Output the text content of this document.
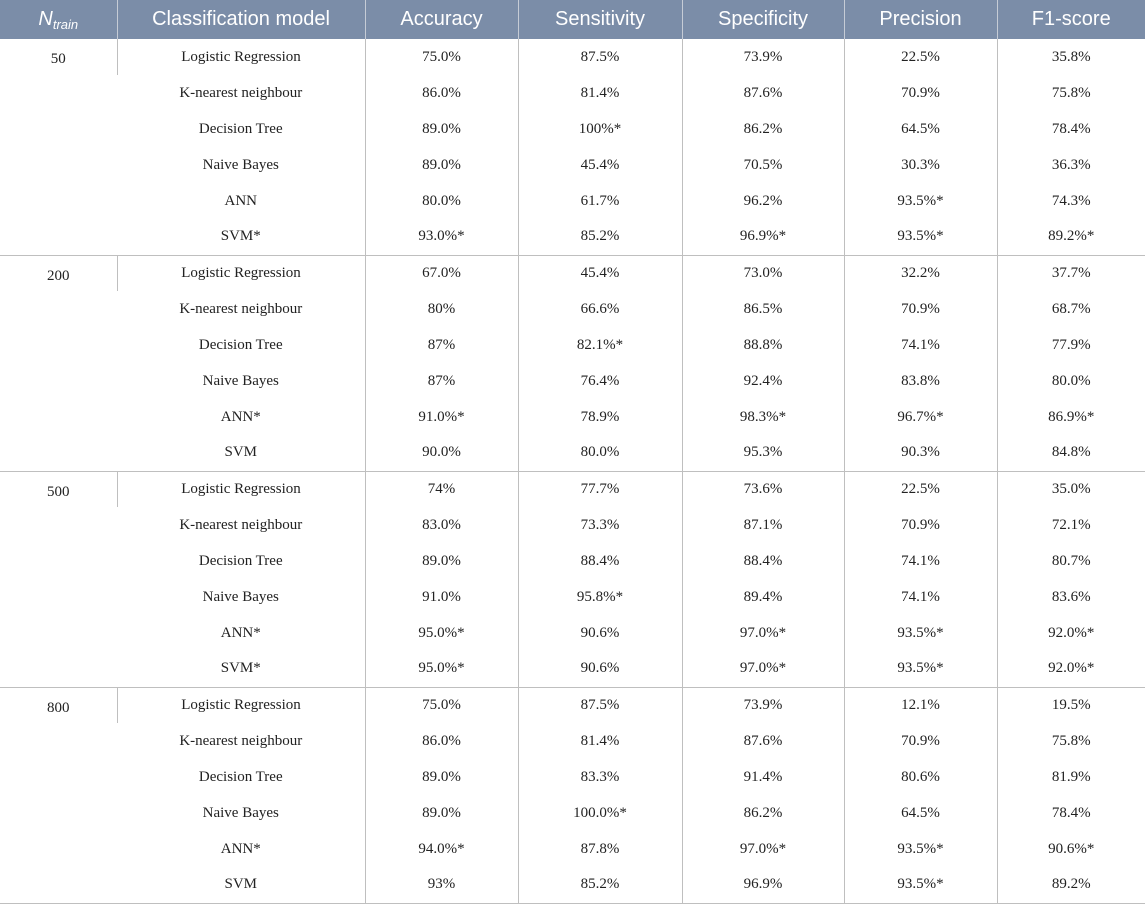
$N_{train}$	Classification model	Accuracy	Sensitivity	Specificity	Precision	F1-score
50	Logistic Regression	75.0%	87.5%	73.9%	22.5%	35.8%
	K-nearest neighbour	86.0%	81.4%	87.6%	70.9%	75.8%
	Decision Tree	89.0%	100%*	86.2%	64.5%	78.4%
	Naive Bayes	89.0%	45.4%	70.5%	30.3%	36.3%
	ANN	80.0%	61.7%	96.2%	93.5%*	74.3%
	SVM*	93.0%*	85.2%	96.9%*	93.5%*	89.2%*
200	Logistic Regression	67.0%	45.4%	73.0%	32.2%	37.7%
	K-nearest neighbour	80%	66.6%	86.5%	70.9%	68.7%
	Decision Tree	87%	82.1%*	88.8%	74.1%	77.9%
	Naive Bayes	87%	76.4%	92.4%	83.8%	80.0%
	ANN*	91.0%*	78.9%	98.3%*	96.7%*	86.9%*
	SVM	90.0%	80.0%	95.3%	90.3%	84.8%
500	Logistic Regression	74%	77.7%	73.6%	22.5%	35.0%
	K-nearest neighbour	83.0%	73.3%	87.1%	70.9%	72.1%
	Decision Tree	89.0%	88.4%	88.4%	74.1%	80.7%
	Naive Bayes	91.0%	95.8%*	89.4%	74.1%	83.6%
	ANN*	95.0%*	90.6%	97.0%*	93.5%*	92.0%*
	SVM*	95.0%*	90.6%	97.0%*	93.5%*	92.0%*
800	Logistic Regression	75.0%	87.5%	73.9%	12.1%	19.5%
	K-nearest neighbour	86.0%	81.4%	87.6%	70.9%	75.8%
	Decision Tree	89.0%	83.3%	91.4%	80.6%	81.9%
	Naive Bayes	89.0%	100.0%*	86.2%	64.5%	78.4%
	ANN*	94.0%*	87.8%	97.0%*	93.5%*	90.6%*
	SVM	93%	85.2%	96.9%	93.5%*	89.2%
